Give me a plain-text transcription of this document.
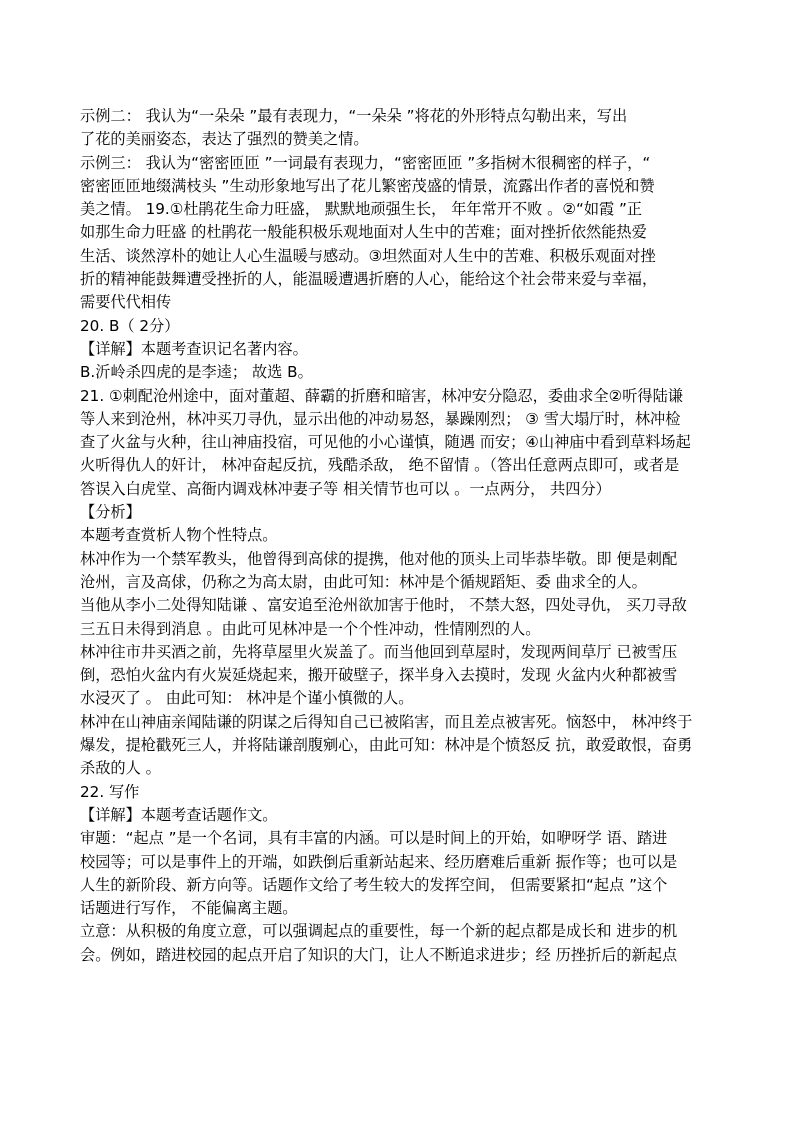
示例二： 我认为“一朵朵 ”最有表现力，“一朵朵 ”将花的外形特点勾勒出来，写出
了花的美丽姿态，表达了强烈的赞美之情。
示例三： 我认为“密密匝匝 ”一词最有表现力，“密密匝匝 ”多指树木很稠密的样子，“
密密匝匝地缀满枝头 ”生动形象地写出了花儿繁密茂盛的情景，流露出作者的喜悦和赞
美之情。 19.①杜鹃花生命力旺盛， 默默地顽强生长， 年年常开不败 。②“如霞 ”正
如那生命力旺盛 的杜鹃花一般能积极乐观地面对人生中的苦难；面对挫折依然能热爱
生活、谈然淳朴的她让人心生温暖与感动。③坦然面对人生中的苦难、积极乐观面对挫
折的精神能鼓舞遭受挫折的人，能温暖遭遇折磨的人心，能给这个社会带来爱与幸福，
需要代代相传
20. B（ 2分）
【详解】本题考查识记名著内容。
B.沂岭杀四虎的是李逵； 故选 B。
21. ①刺配沧州途中，面对董超、薛霸的折磨和暗害，林冲安分隐忍，委曲求全②听得陆谦
等人来到沧州，林冲买刀寻仇，显示出他的冲动易怒，暴躁刚烈； ③ 雪大塌厅时，林冲检
查了火盆与火种，往山神庙投宿，可见他的小心谨慎，随遇 而安；④山神庙中看到草料场起
火听得仇人的奸计， 林冲奋起反抗，残酷杀敌， 绝不留情 。（答出任意两点即可，或者是
答误入白虎堂、高衙内调戏林冲妻子等 相关情节也可以 。一点两分， 共四分）
【分析】
本题考查赏析人物个性特点。
林冲作为一个禁军教头，他曾得到高俅的提携，他对他的顶头上司毕恭毕敬。即 便是刺配
沧州，言及高俅，仍称之为高太尉，由此可知：林冲是个循规蹈矩、委 曲求全的人。
当他从李小二处得知陆谦 、富安追至沧州欲加害于他时， 不禁大怒，四处寻仇， 买刀寻敌
三五日未得到消息 。由此可见林冲是一个个性冲动，性情刚烈的人。
林冲往市井买酒之前，先将草屋里火炭盖了。而当他回到草屋时，发现两间草厅 已被雪压
倒，恐怕火盆内有火炭延烧起来，搬开破壁子，探半身入去摸时，发现 火盆内火种都被雪
水浸灭了 。 由此可知： 林冲是个谨小慎微的人。
林冲在山神庙亲闻陆谦的阴谋之后得知自己已被陷害，而且差点被害死。恼怒中， 林冲终于
爆发，提枪戳死三人，并将陆谦剖腹剜心，由此可知：林冲是个愤怒反 抗，敢爱敢恨，奋勇
杀敌的人 。
22. 写作
【详解】本题考查话题作文。
审题：“起点 ”是一个名词，具有丰富的内涵。可以是时间上的开始，如咿呀学 语、踏进
校园等；可以是事件上的开端，如跌倒后重新站起来、经历磨难后重新 振作等；也可以是
人生的新阶段、新方向等。话题作文给了考生较大的发挥空间， 但需要紧扣“起点 ”这个
话题进行写作， 不能偏离主题。
立意：从积极的角度立意，可以强调起点的重要性，每一个新的起点都是成长和 进步的机
会。例如，踏进校园的起点开启了知识的大门，让人不断追求进步；经 历挫折后的新起点
